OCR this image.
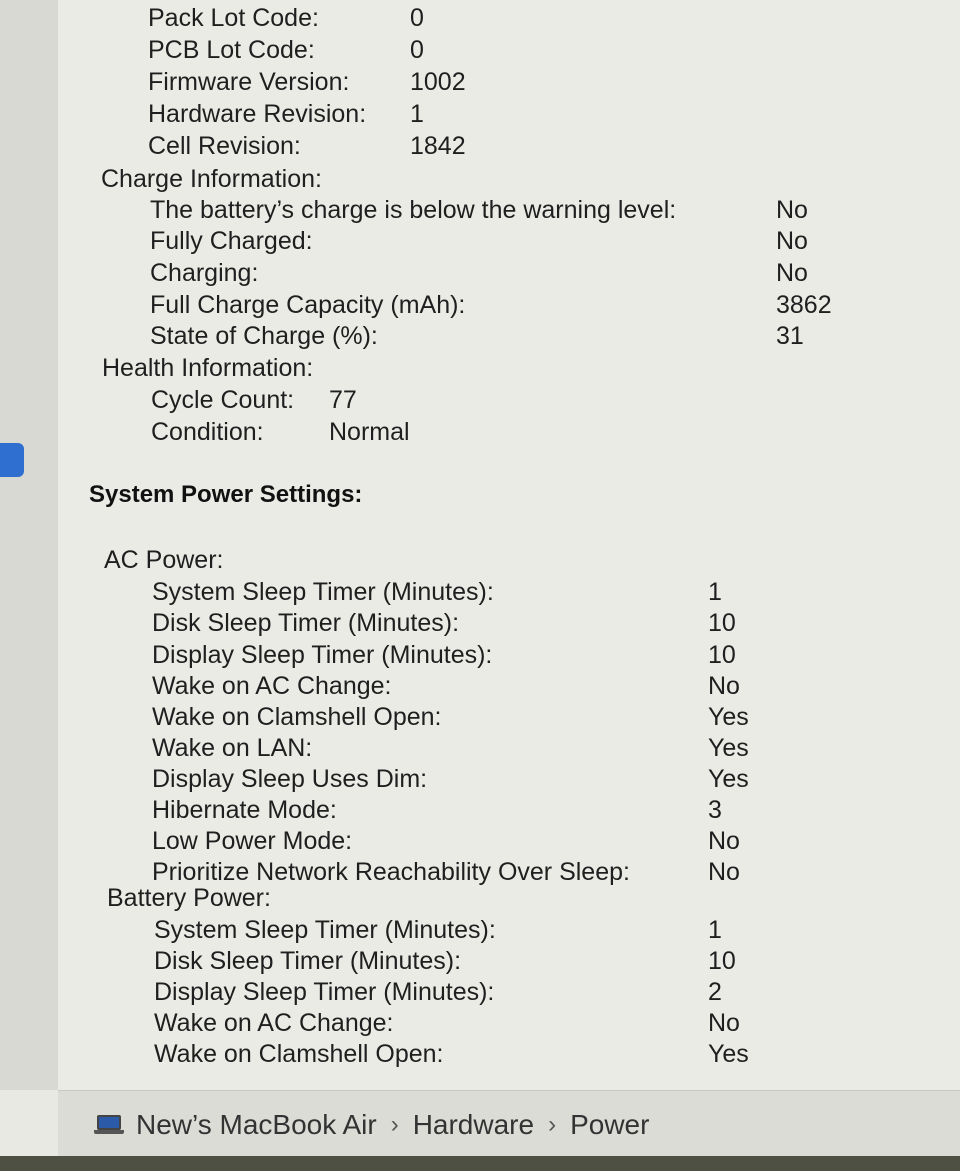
Pack Lot Code:	0
PCB Lot Code:	0
Firmware Version: 1002
Hardware Revision: 1
Cell Revision:	1842
Charge Information:
The battery’s charge is below the warning level:	No
Fully Charged:	No
Charging:	No
Full Charge Capacity (mAh):	3862
State of Charge (%):	31
Health Information:
Cycle Count: 77
Condition:	Normal
System Power Settings:
AC Power:
System Sleep Timer (Minutes):	1
Disk Sleep Timer (Minutes):	10
Display Sleep Timer (Minutes):	10
Wake on AC Change:	No
Wake on Clamshell Open:	Yes
Wake on LAN:	Yes
Display Sleep Uses Dim:	Yes
Hibernate Mode:	3
Low Power Mode:	No
Prioritize Network Reachability Over Sleep:	No
Battery Power:
System Sleep Timer (Minutes):	1
Disk Sleep Timer (Minutes):	10
Display Sleep Timer (Minutes):	2
Wake on AC Change:	No
Wake on Clamshell Open:	Yes
New’s MacBook Air › Hardware › Power
